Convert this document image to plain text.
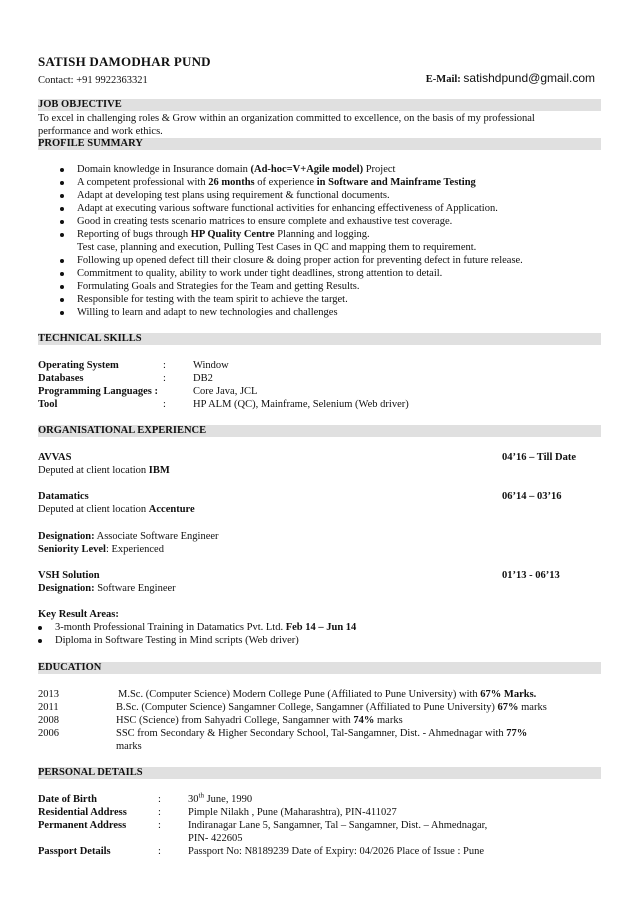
SATISH DAMODHAR PUND
Contact: +91 9922363321	E-Mail: satishdpund@gmail.com
JOB OBJECTIVE
To excel in challenging roles & Grow within an organization committed to excellence, on the basis of my professional
performance and work ethics.
PROFILE SUMMARY
Domain knowledge in Insurance domain (Ad-hoc=V+Agile model) Project
A competent professional with 26 months of experience in Software and Mainframe Testing
Adapt at developing test plans using requirement & functional documents.
Adapt at executing various software functional activities for enhancing effectiveness of Application.
Good in creating tests scenario matrices to ensure complete and exhaustive test coverage.
Reporting of bugs through HP Quality Centre Planning and logging.
Test case, planning and execution, Pulling Test Cases in QC and mapping them to requirement.
Following up opened defect till their closure & doing proper action for preventing defect in future release.
Commitment to quality, ability to work under tight deadlines, strong attention to detail.
Formulating Goals and Strategies for the Team and getting Results.
Responsible for testing with the team spirit to achieve the target.
Willing to learn and adapt to new technologies and challenges
TECHNICAL SKILLS
Operating System	:	Window
Databases	:	DB2
Programming Languages :	Core Java, JCL
Tool	:	HP ALM (QC), Mainframe, Selenium (Web driver)
ORGANISATIONAL EXPERIENCE
AVVAS	04’16 – Till Date
Deputed at client location IBM
Datamatics	06’14 – 03’16
Deputed at client location Accenture
Designation: Associate Software Engineer
Seniority Level: Experienced
VSH Solution	01’13 - 06’13
Designation: Software Engineer
Key Result Areas:
3-month Professional Training in Datamatics Pvt. Ltd. Feb 14 – Jun 14
Diploma in Software Testing in Mind scripts (Web driver)
EDUCATION
2013	M.Sc. (Computer Science) Modern College Pune (Affiliated to Pune University) with 67% Marks.
2011	B.Sc. (Computer Science) Sangamner College, Sangamner (Affiliated to Pune University) 67% marks
2008	HSC (Science) from Sahyadri College, Sangamner with 74% marks
2006	SSC from Secondary & Higher Secondary School, Tal-Sangamner, Dist. - Ahmednagar with 77%
marks
PERSONAL DETAILS
Date of Birth	:	30th June, 1990
Residential Address	:	Pimple Nilakh , Pune (Maharashtra), PIN-411027
Permanent Address	:	Indiranagar Lane 5, Sangamner, Tal – Sangamner, Dist. – Ahmednagar,
PIN- 422605
Passport Details	:	Passport No: N8189239 Date of Expiry: 04/2026 Place of Issue : Pune
